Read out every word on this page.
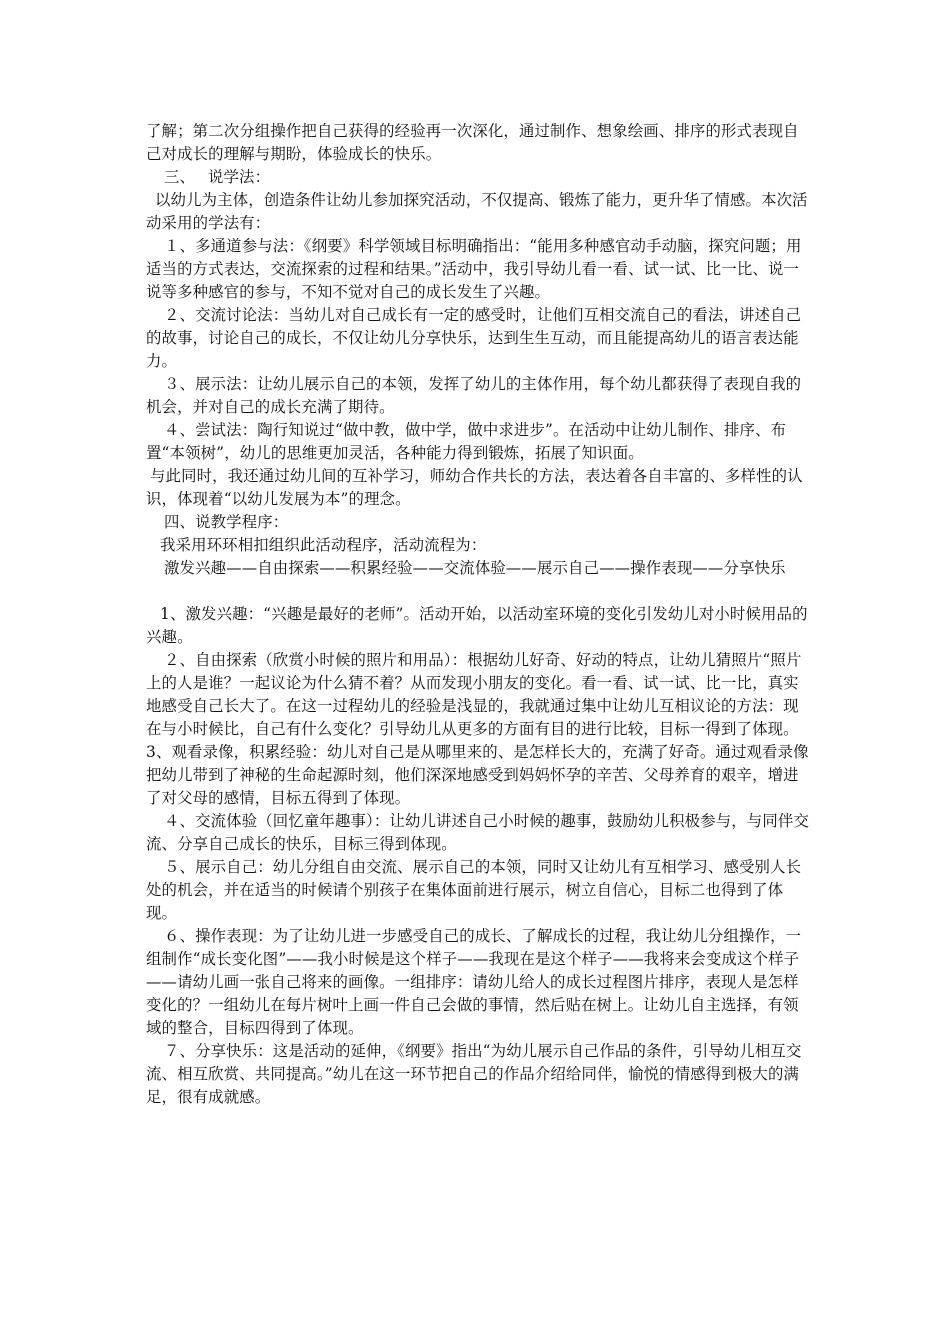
了解；第二次分组操作把自己获得的经验再一次深化，通过制作、想象绘画、排序的形式表现自己对成长的理解与期盼，体验成长的快乐。

三、　 说学法：

以幼儿为主体，创造条件让幼儿参加探究活动，不仅提高、锻炼了能力，更升华了情感。本次活动采用的学法有：

１、多通道参与法：《纲要》科学领域目标明确指出：“能用多种感官动手动脑，探究问题；用适当的方式表达，交流探索的过程和结果。”活动中，我引导幼儿看一看、试一试、比一比、说一说等多种感官的参与，不知不觉对自己的成长发生了兴趣。

２、交流讨论法：当幼儿对自己成长有一定的感受时，让他们互相交流自己的看法，讲述自己的故事，讨论自己的成长，不仅让幼儿分享快乐，达到生生互动，而且能提高幼儿的语言表达能力。

３、展示法：让幼儿展示自己的本领，发挥了幼儿的主体作用，每个幼儿都获得了表现自我的机会，并对自己的成长充满了期待。

４、尝试法：陶行知说过“做中教，做中学，做中求进步”。在活动中让幼儿制作、排序、布置“本领树”，幼儿的思维更加灵活，各种能力得到锻炼，拓展了知识面。

与此同时，我还通过幼儿间的互补学习，师幼合作共长的方法，表达着各自丰富的、多样性的认识，体现着“以幼儿发展为本”的理念。

四、说教学程序：

我采用环环相扣组织此活动程序，活动流程为：

激发兴趣——自由探索——积累经验——交流体验——展示自己——操作表现——分享快乐

1、激发兴趣：“兴趣是最好的老师”。活动开始，以活动室环境的变化引发幼儿对小时候用品的兴趣。

２、自由探索（欣赏小时候的照片和用品）：根据幼儿好奇、好动的特点，让幼儿猜照片“照片上的人是谁？一起议论为什么猜不着？从而发现小朋友的变化。看一看、试一试、比一比，真实地感受自己长大了。在这一过程幼儿的经验是浅显的，我就通过集中让幼儿互相议论的方法：现在与小时候比，自己有什么变化？引导幼儿从更多的方面有目的进行比较，目标一得到了体现。 3、观看录像，积累经验：幼儿对自己是从哪里来的、是怎样长大的，充满了好奇。通过观看录像把幼儿带到了神秘的生命起源时刻，他们深深地感受到妈妈怀孕的辛苦、父母养育的艰辛，增进了对父母的感情，目标五得到了体现。

４、交流体验（回忆童年趣事）：让幼儿讲述自己小时候的趣事，鼓励幼儿积极参与，与同伴交流、分享自己成长的快乐，目标三得到体现。

５、展示自己：幼儿分组自由交流、展示自己的本领，同时又让幼儿有互相学习、感受别人长处的机会，并在适当的时候请个别孩子在集体面前进行展示，树立自信心，目标二也得到了体现。

６、操作表现：为了让幼儿进一步感受自己的成长、了解成长的过程，我让幼儿分组操作，一组制作“成长变化图”——我小时候是这个样子——我现在是这个样子——我将来会变成这个样子——请幼儿画一张自己将来的画像。一组排序：请幼儿给人的成长过程图片排序，表现人是怎样变化的？一组幼儿在每片树叶上画一件自己会做的事情，然后贴在树上。让幼儿自主选择，有领域的整合，目标四得到了体现。

７、分享快乐：这是活动的延伸，《纲要》指出“为幼儿展示自己作品的条件，引导幼儿相互交流、相互欣赏、共同提高。”幼儿在这一环节把自己的作品介绍给同伴，愉悦的情感得到极大的满足，很有成就感。
